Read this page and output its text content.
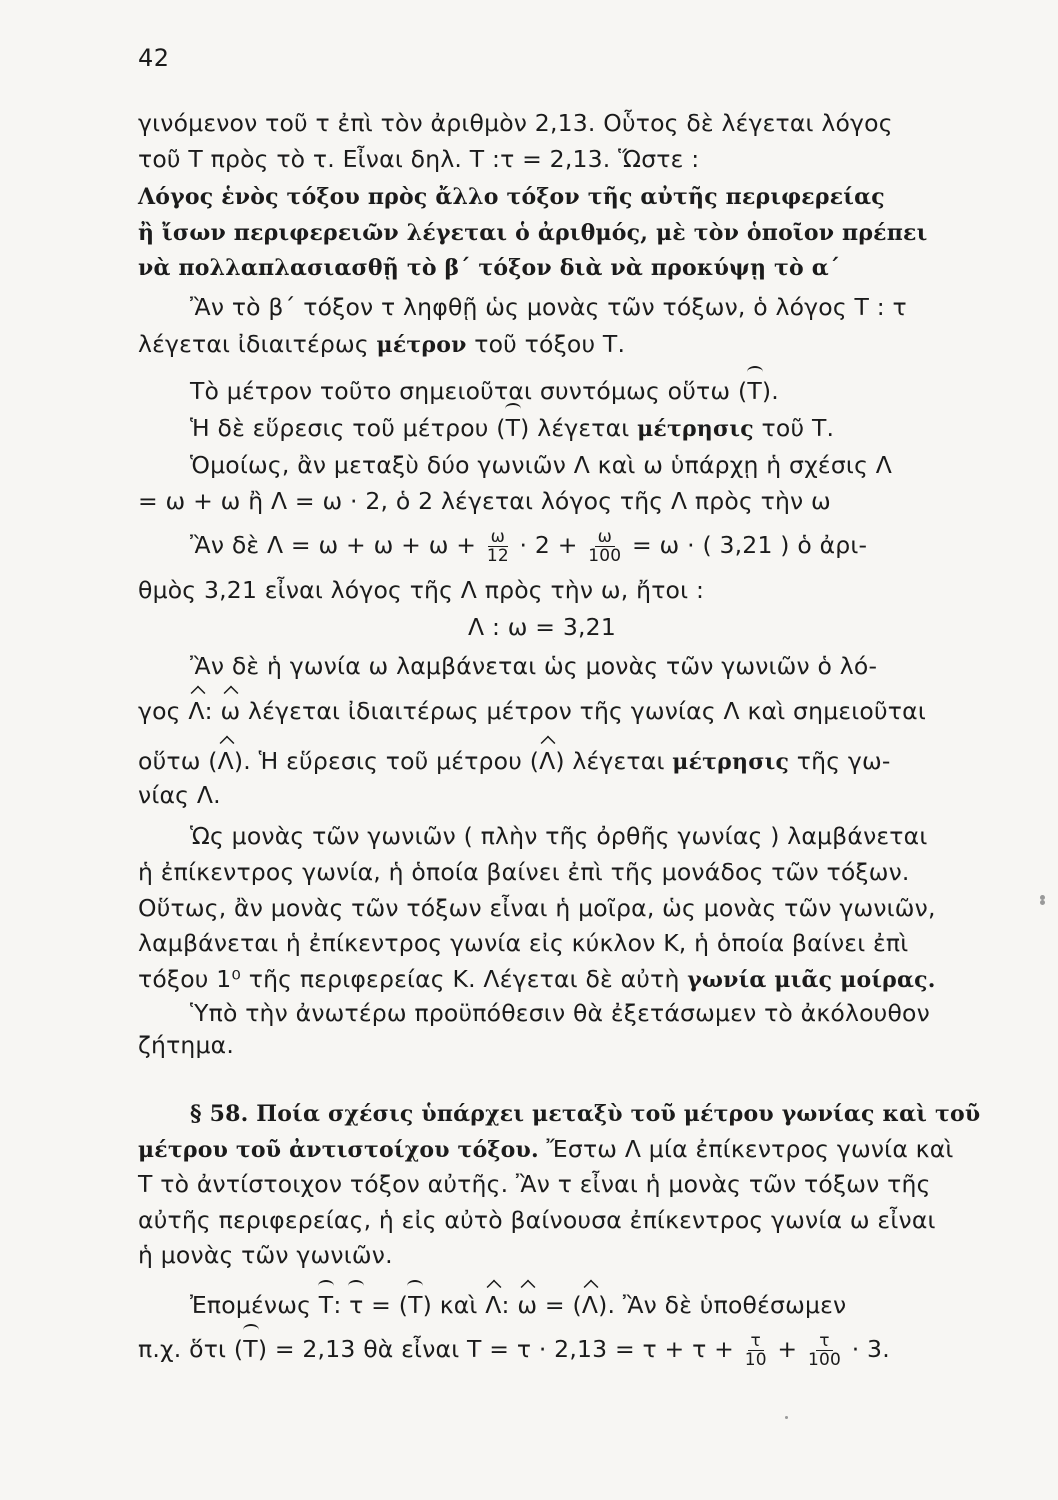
42
γινόμενον τοῦ τ ἐπὶ τὸν ἀριθμὸν 2,13. Οὗτος δὲ λέγεται λόγος
τοῦ Τ πρὸς τὸ τ. Εἶναι δηλ. Τ :τ = 2,13. Ὥστε :
Λόγος ἑνὸς τόξου πρὸς ἄλλο τόξον τῆς αὐτῆς περιφερείας
ἢ ἴσων περιφερειῶν λέγεται ὁ ἀριθμός, μὲ τὸν ὁποῖον πρέπει
νὰ πολλαπλασιασθῇ τὸ β΄ τόξον διὰ νὰ προκύψῃ τὸ α΄
Ἂν τὸ β΄ τόξον τ ληφθῇ ὡς μονὰς τῶν τόξων, ὁ λόγος Τ : τ
λέγεται ἰδιαιτέρως μέτρον τοῦ τόξου Τ.
Τὸ μέτρον τοῦτο σημειοῦται συντόμως οὕτω (Τ).
Ἡ δὲ εὕρεσις τοῦ μέτρου (Τ) λέγεται μέτρησις τοῦ Τ.
Ὁμοίως, ἂν μεταξὺ δύο γωνιῶν Λ καὶ ω ὑπάρχῃ ἡ σχέσις Λ
= ω + ω ἢ Λ = ω · 2, ὁ 2 λέγεται λόγος τῆς Λ πρὸς τὴν ω
Ἂν δὲ $\Lambda = \omega + \omega + \omega + \frac{\omega}{12} \cdot 2 + \frac{\omega}{100} = \omega$ · ( 3,21 ) ὁ ἀρι-
θμὸς 3,21 εἶναι λόγος τῆς Λ πρὸς τὴν ω, ἤτοι :
Λ : ω = 3,21
Ἂν δὲ ἡ γωνία ω λαμβάνεται ὡς μονὰς τῶν γωνιῶν ὁ λό-
γος Λ: ω λέγεται ἰδιαιτέρως μέτρον τῆς γωνίας Λ καὶ σημειοῦται
οὕτω (Λ). Ἡ εὕρεσις τοῦ μέτρου (Λ) λέγεται μέτρησις τῆς γω-
νίας Λ.
Ὡς μονὰς τῶν γωνιῶν ( πλὴν τῆς ὀρθῆς γωνίας ) λαμβάνεται
ἡ ἐπίκεντρος γωνία, ἡ ὁποία βαίνει ἐπὶ τῆς μονάδος τῶν τόξων.
Οὕτως, ἂν μονὰς τῶν τόξων εἶναι ἡ μοῖρα, ὡς μονὰς τῶν γωνιῶν,
λαμβάνεται ἡ ἐπίκεντρος γωνία εἰς κύκλον Κ, ἡ ὁποία βαίνει ἐπὶ
τόξου 1⁰ τῆς περιφερείας Κ. Λέγεται δὲ αὐτὴ γωνία μιᾶς μοίρας.
Ὑπὸ τὴν ἀνωτέρω προϋπόθεσιν θὰ ἐξετάσωμεν τὸ ἀκόλουθον
ζήτημα.
§ 58. Ποία σχέσις ὑπάρχει μεταξὺ τοῦ μέτρου γωνίας καὶ τοῦ
μέτρου τοῦ ἀντιστοίχου τόξου. Ἔστω Λ μία ἐπίκεντρος γωνία καὶ
Τ τὸ ἀντίστοιχον τόξον αὐτῆς. Ἂν τ εἶναι ἡ μονὰς τῶν τόξων τῆς
αὐτῆς περιφερείας, ἡ εἰς αὐτὸ βαίνουσα ἐπίκεντρος γωνία ω εἶναι
ἡ μονὰς τῶν γωνιῶν.
Ἐπομένως Τ: τ = (Τ) καὶ Λ: ω = (Λ). Ἂν δὲ ὑποθέσωμεν
π.χ. ὅτι (Τ) = 2,13 θὰ εἶναι $T = \tau \cdot 2,13 = \tau + \tau + \frac{\tau}{10} + \frac{\tau}{100} \cdot 3$.
